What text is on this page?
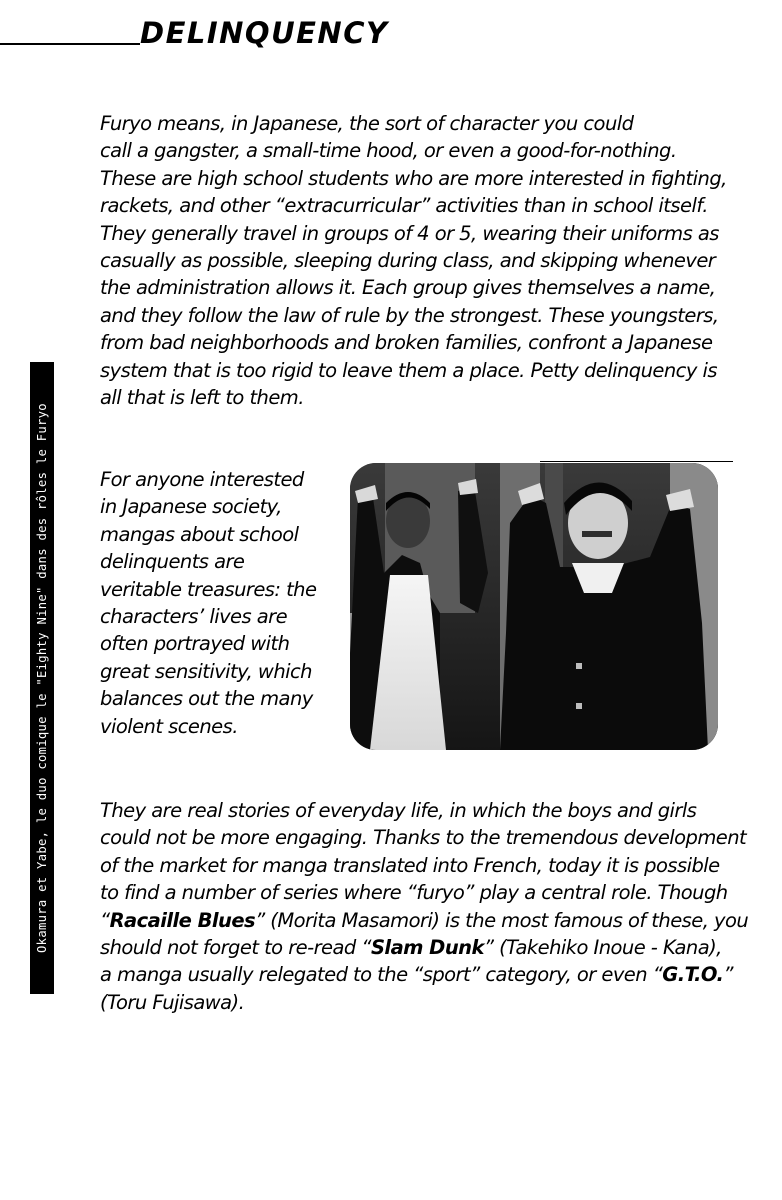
DELINQUENCY
Okamura et Yabe, le duo comique le "Eighty Nine" dans des rôles le Furyo
Furyo means, in Japanese, the sort of character you could
call a gangster, a small-time hood, or even a good-for-nothing.
These are high school students who are more interested in fighting,
rackets, and other “extracurricular” activities than in school itself.
They generally travel in groups of 4 or 5, wearing their uniforms as
casually as possible, sleeping during class, and skipping whenever
the administration allows it. Each group gives themselves a name,
and they follow the law of rule by the strongest. These youngsters,
from bad neighborhoods and broken families, confront a Japanese
system that is too rigid to leave them a place. Petty delinquency is
all that is left to them.
For anyone interested
in Japanese society,
mangas about school
delinquents are
veritable treasures: the
characters’ lives are
often portrayed with
great sensitivity, which
balances out the many
violent scenes.
They are real stories of everyday life, in which the boys and girls
could not be more engaging. Thanks to the tremendous development
of the market for manga translated into French, today it is possible
to find a number of series where “furyo” play a central role. Though
“Racaille Blues” (Morita Masamori) is the most famous of these, you
should not forget to re-read “Slam Dunk” (Takehiko Inoue - Kana),
a manga usually relegated to the “sport” category, or even “G.T.O.”
(Toru Fujisawa).
